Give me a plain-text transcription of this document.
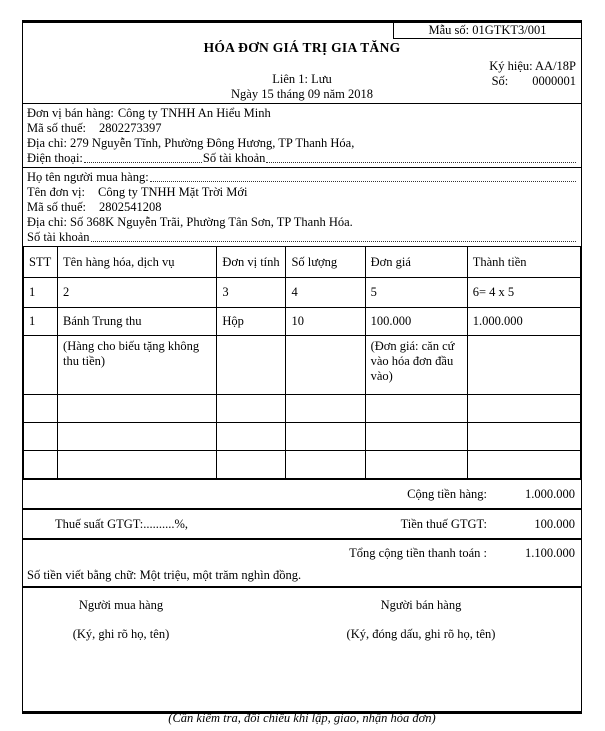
Mẫu số: 01GTKT3/001
HÓA ĐƠN GIÁ TRỊ GIA TĂNG
Ký hiệu: AA/18P
Liên 1: Lưu	Số: 0000001
Ngày 15 tháng 09 năm 2018
Đơn vị bán hàng: Công ty TNHH An Hiểu Minh
Mã số thuế: 2802273397
Địa chỉ: 279 Nguyễn Tĩnh, Phường Đông Hương, TP Thanh Hóa,
Điện thoại:	Số tài khoản
Họ tên người mua hàng:
Tên đơn vị: Công ty TNHH Mặt Trời Mới
Mã số thuế: 2802541208
Địa chỉ: Số 368K Nguyễn Trãi, Phường Tân Sơn, TP Thanh Hóa.
Số tài khoản
STT	Tên hàng hóa, dịch vụ	Đơn vị tính	Số lượng	Đơn giá	Thành tiền
1	2	3	4	5	6= 4 x 5
1	Bánh Trung thu	Hộp	10	100.000	1.000.000
	(Hàng cho biếu tặng không thu tiền)			(Đơn giá: căn cứ vào hóa đơn đầu vào)	

Cộng tiền hàng:	1.000.000
Thuế suất GTGT:..........%,	Tiền thuế GTGT:	100.000
Tổng cộng tiền thanh toán :	1.100.000
Số tiền viết bằng chữ: Một triệu, một trăm nghìn đồng.
Người mua hàng
(Ký, ghi rõ họ, tên)
Người bán hàng
(Ký, đóng dấu, ghi rõ họ, tên)
(Cần kiểm tra, đối chiếu khi lập, giao, nhận hóa đơn)
